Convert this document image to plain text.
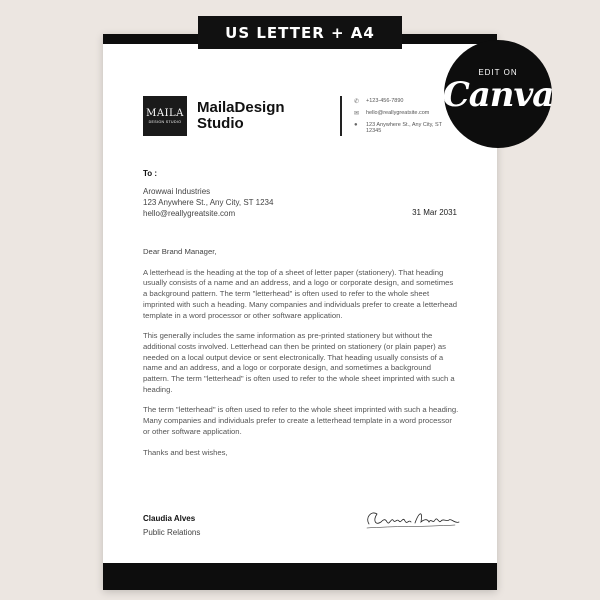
US LETTER + A4
EDIT ON
Canva
MAILA
DESIGN STUDIO
MailaDesign
Studio
✆	+123-456-7890
✉	hello@reallygreatsite.com
●	123 Anywhere St., Any City, ST
12345
To :
Arowwai Industries
123 Anywhere St., Any City, ST 1234
hello@reallygreatsite.com	31 Mar 2031

Dear Brand Manager,

A letterhead is the heading at the top of a sheet of letter paper (stationery). That heading usually consists of a name and an address, and a logo or corporate design, and sometimes a background pattern. The term "letterhead" is often used to refer to the whole sheet imprinted with such a heading. Many companies and individuals prefer to create a letterhead template in a word processor or other software application.

This generally includes the same information as pre-printed stationery but without the additional costs involved. Letterhead can then be printed on stationery (or plain paper) as needed on a local output device or sent electronically. That heading usually consists of a name and an address, and a logo or corporate design, and sometimes a background pattern. The term "letterhead" is often used to refer to the whole sheet imprinted with such a heading.

The term "letterhead" is often used to refer to the whole sheet imprinted with such a heading. Many companies and individuals prefer to create a letterhead template in a word processor or other software application.

Thanks and best wishes,

Claudia Alves
Public Relations
